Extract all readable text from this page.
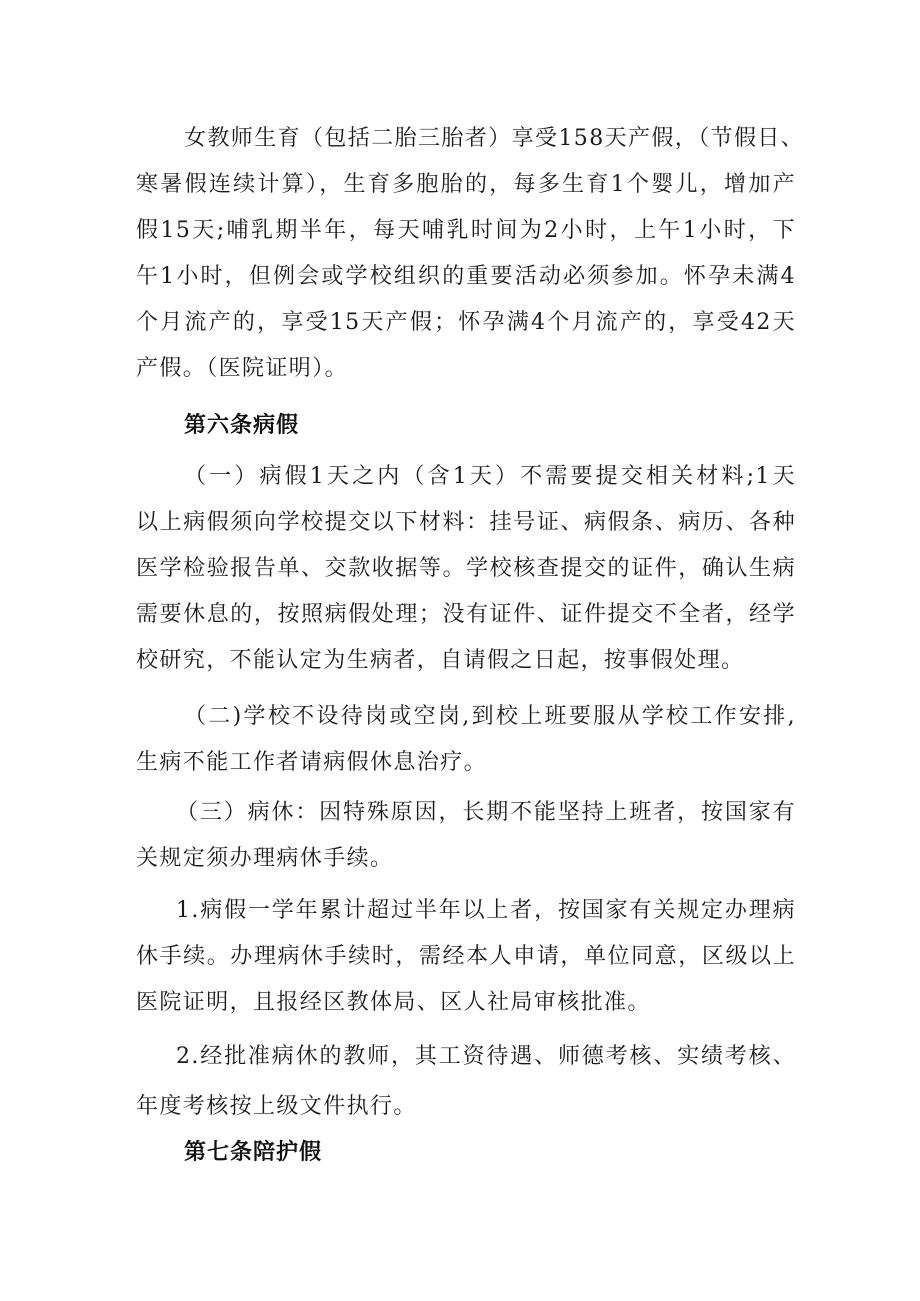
女教师生育（包括二胎三胎者）享受158天产假，（节假日、
寒暑假连续计算），生育多胞胎的，每多生育1个婴儿，增加产
假15天;哺乳期半年，每天哺乳时间为2小时，上午1小时，下
午1小时，但例会或学校组织的重要活动必须参加。怀孕未满4
个月流产的，享受15天产假；怀孕满4个月流产的，享受42天
产假。（医院证明）。
第六条病假
（一）病假1天之内（含1天）不需要提交相关材料;1天
以上病假须向学校提交以下材料：挂号证、病假条、病历、各种
医学检验报告单、交款收据等。学校核查提交的证件，确认生病
需要休息的，按照病假处理；没有证件、证件提交不全者，经学
校研究，不能认定为生病者，自请假之日起，按事假处理。
（二)学校不设待岗或空岗,到校上班要服从学校工作安排,
生病不能工作者请病假休息治疗。
（三）病休：因特殊原因，长期不能坚持上班者，按国家有
关规定须办理病休手续。
1.病假一学年累计超过半年以上者，按国家有关规定办理病
休手续。办理病休手续时，需经本人申请，单位同意，区级以上
医院证明，且报经区教体局、区人社局审核批准。
2.经批准病休的教师，其工资待遇、师德考核、实绩考核、
年度考核按上级文件执行。
第七条陪护假
